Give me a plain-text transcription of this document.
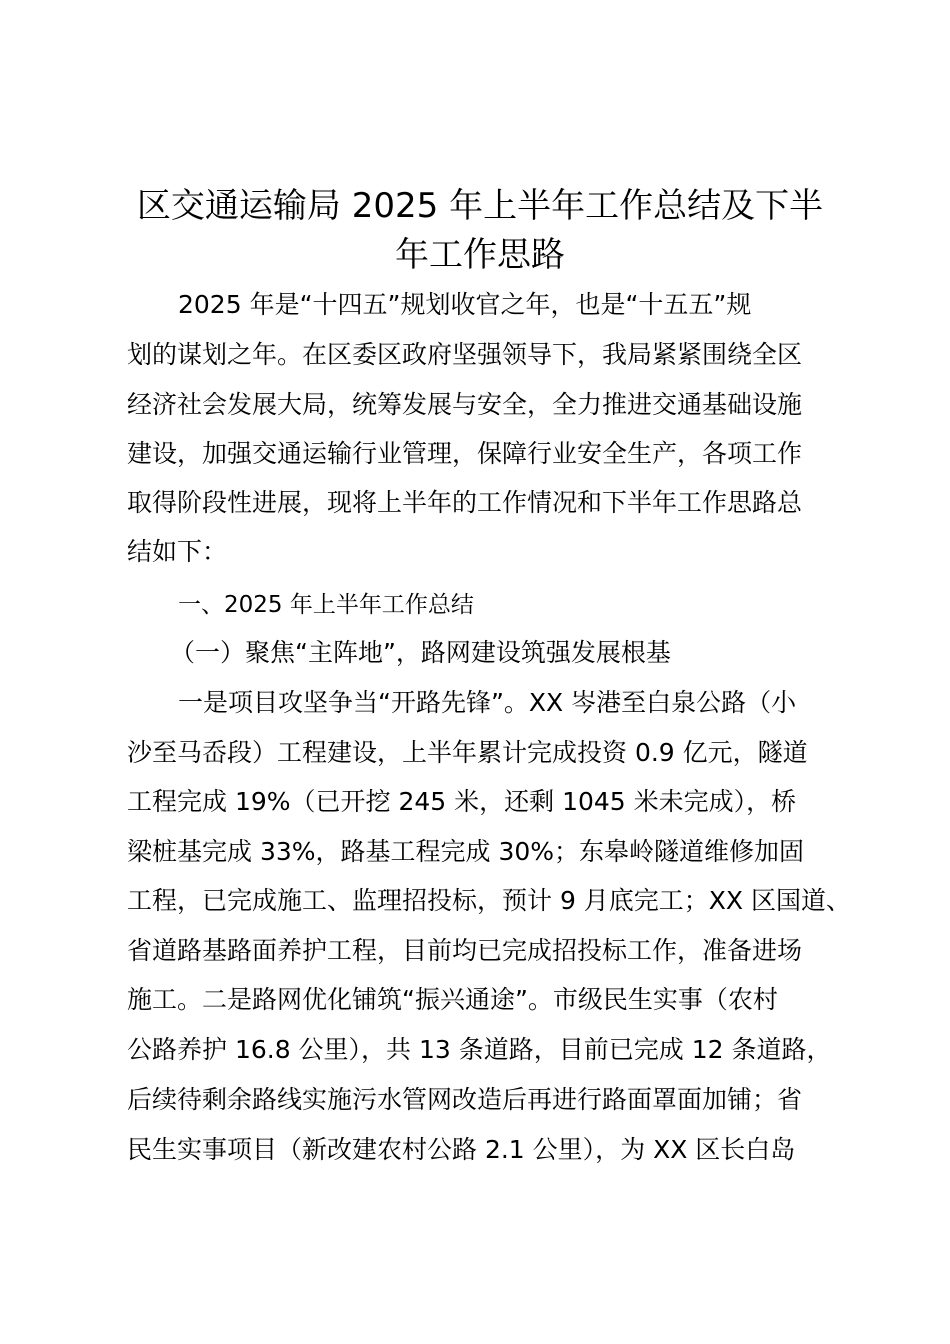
区交通运输局 2025 年上半年工作总结及下半
年工作思路

2025 年是“十四五”规划收官之年，也是“十五五”规

划的谋划之年。在区委区政府坚强领导下，我局紧紧围绕全区

经济社会发展大局，统筹发展与安全，全力推进交通基础设施

建设，加强交通运输行业管理，保障行业安全生产，各项工作

取得阶段性进展，现将上半年的工作情况和下半年工作思路总

结如下：

一、2025 年上半年工作总结

（一）聚焦“主阵地”，路网建设筑强发展根基

一是项目攻坚争当“开路先锋”。XX 岑港至白泉公路（小

沙至马岙段）工程建设，上半年累计完成投资 0.9 亿元，隧道

工程完成 19%（已开挖 245 米，还剩 1045 米未完成），桥

梁桩基完成 33%，路基工程完成 30%；东皋岭隧道维修加固

工程，已完成施工、监理招投标，预计 9 月底完工；XX 区国道、

省道路基路面养护工程，目前均已完成招投标工作，准备进场

施工。二是路网优化铺筑“振兴通途”。市级民生实事（农村

公路养护 16.8 公里），共 13 条道路，目前已完成 12 条道路，

后续待剩余路线实施污水管网改造后再进行路面罩面加铺；省

民生实事项目（新改建农村公路 2.1 公里），为 XX 区长白岛
